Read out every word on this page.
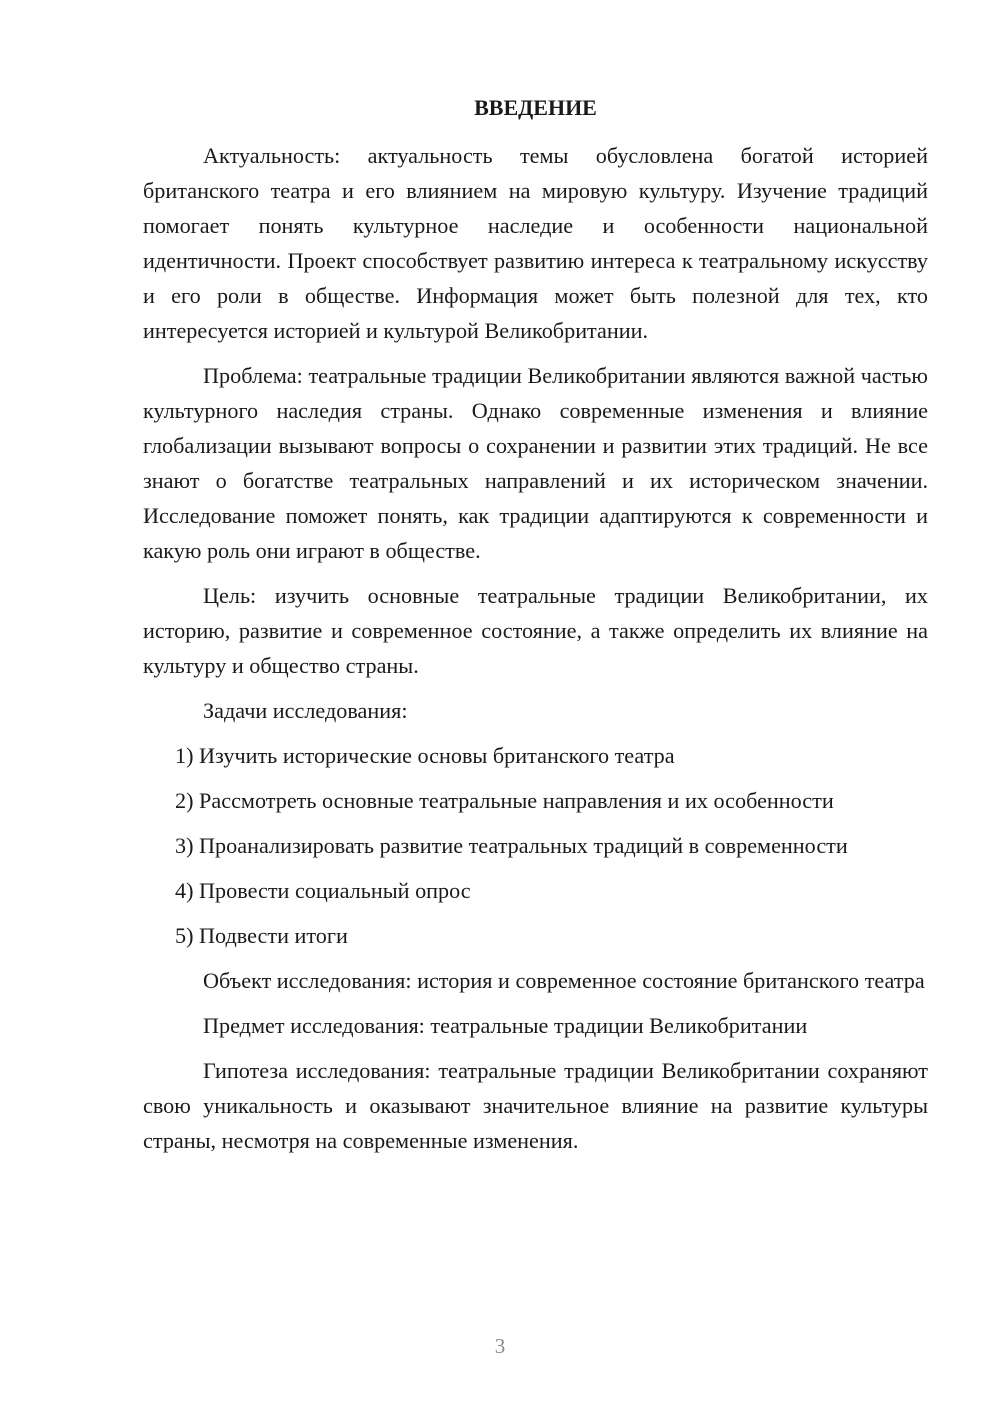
ВВЕДЕНИЕ

Актуальность: актуальность темы обусловлена богатой историей британского театра и его влиянием на мировую культуру. Изучение традиций помогает понять культурное наследие и особенности национальной идентичности. Проект способствует развитию интереса к театральному искусству и его роли в обществе. Информация может быть полезной для тех, кто интересуется историей и культурой Великобритании.

Проблема: театральные традиции Великобритании являются важной частью культурного наследия страны. Однако современные изменения и влияние глобализации вызывают вопросы о сохранении и развитии этих традиций. Не все знают о богатстве театральных направлений и их историческом значении. Исследование поможет понять, как традиции адаптируются к современности и какую роль они играют в обществе.

Цель: изучить основные театральные традиции Великобритании, их историю, развитие и современное состояние, а также определить их влияние на культуру и общество страны.

Задачи исследования:

1) Изучить исторические основы британского театра

2) Рассмотреть основные театральные направления и их особенности

3) Проанализировать развитие театральных традиций в современности

4) Провести социальный опрос

5) Подвести итоги

Объект исследования: история и современное состояние британского театра

Предмет исследования: театральные традиции Великобритании

Гипотеза исследования: театральные традиции Великобритании сохраняют свою уникальность и оказывают значительное влияние на развитие культуры страны, несмотря на современные изменения.

3
